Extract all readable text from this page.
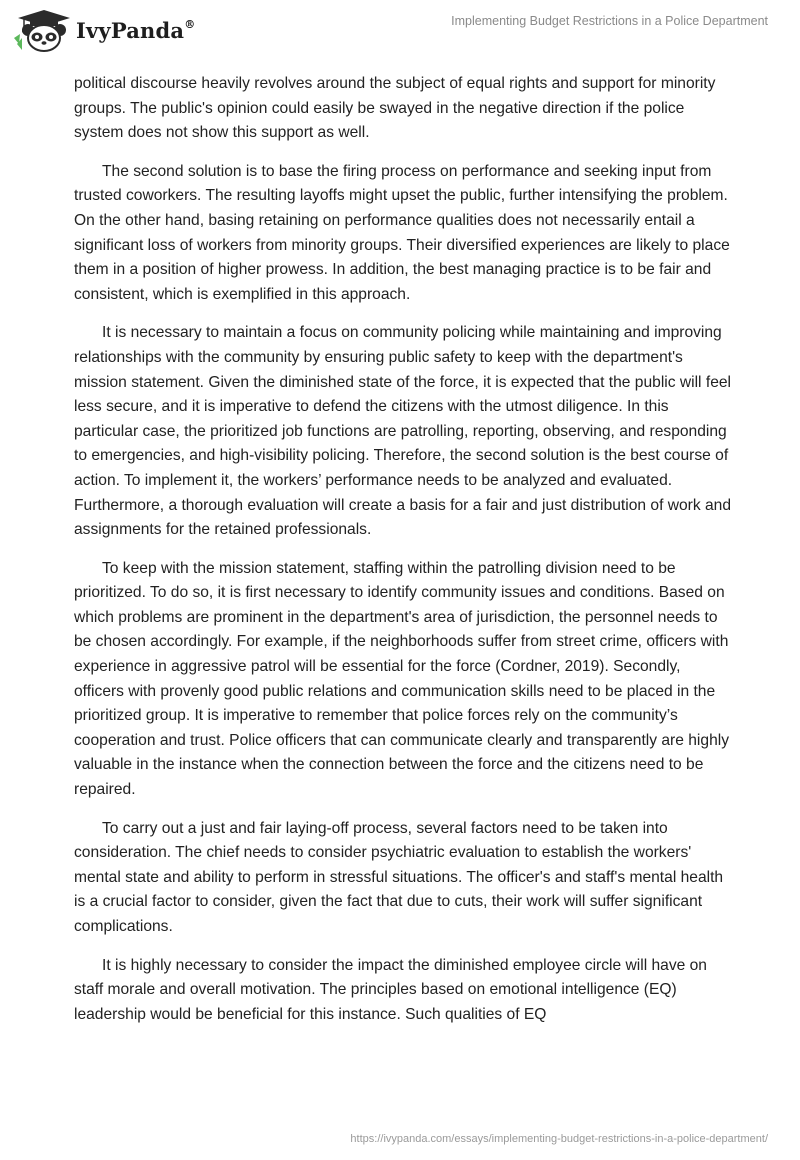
IvyPanda®	Implementing Budget Restrictions in a Police Department

political discourse heavily revolves around the subject of equal rights and support for minority groups. The public's opinion could easily be swayed in the negative direction if the police system does not show this support as well.

The second solution is to base the firing process on performance and seeking input from trusted coworkers. The resulting layoffs might upset the public, further intensifying the problem. On the other hand, basing retaining on performance qualities does not necessarily entail a significant loss of workers from minority groups. Their diversified experiences are likely to place them in a position of higher prowess. In addition, the best managing practice is to be fair and consistent, which is exemplified in this approach.

It is necessary to maintain a focus on community policing while maintaining and improving relationships with the community by ensuring public safety to keep with the department's mission statement. Given the diminished state of the force, it is expected that the public will feel less secure, and it is imperative to defend the citizens with the utmost diligence. In this particular case, the prioritized job functions are patrolling, reporting, observing, and responding to emergencies, and high-visibility policing. Therefore, the second solution is the best course of action. To implement it, the workers’ performance needs to be analyzed and evaluated. Furthermore, a thorough evaluation will create a basis for a fair and just distribution of work and assignments for the retained professionals.

To keep with the mission statement, staffing within the patrolling division need to be prioritized. To do so, it is first necessary to identify community issues and conditions. Based on which problems are prominent in the department's area of jurisdiction, the personnel needs to be chosen accordingly. For example, if the neighborhoods suffer from street crime, officers with experience in aggressive patrol will be essential for the force (Cordner, 2019). Secondly, officers with provenly good public relations and communication skills need to be placed in the prioritized group. It is imperative to remember that police forces rely on the community’s cooperation and trust. Police officers that can communicate clearly and transparently are highly valuable in the instance when the connection between the force and the citizens need to be repaired.

To carry out a just and fair laying-off process, several factors need to be taken into consideration. The chief needs to consider psychiatric evaluation to establish the workers' mental state and ability to perform in stressful situations. The officer's and staff's mental health is a crucial factor to consider, given the fact that due to cuts, their work will suffer significant complications.

It is highly necessary to consider the impact the diminished employee circle will have on staff morale and overall motivation. The principles based on emotional intelligence (EQ) leadership would be beneficial for this instance. Such qualities of EQ

https://ivypanda.com/essays/implementing-budget-restrictions-in-a-police-department/
